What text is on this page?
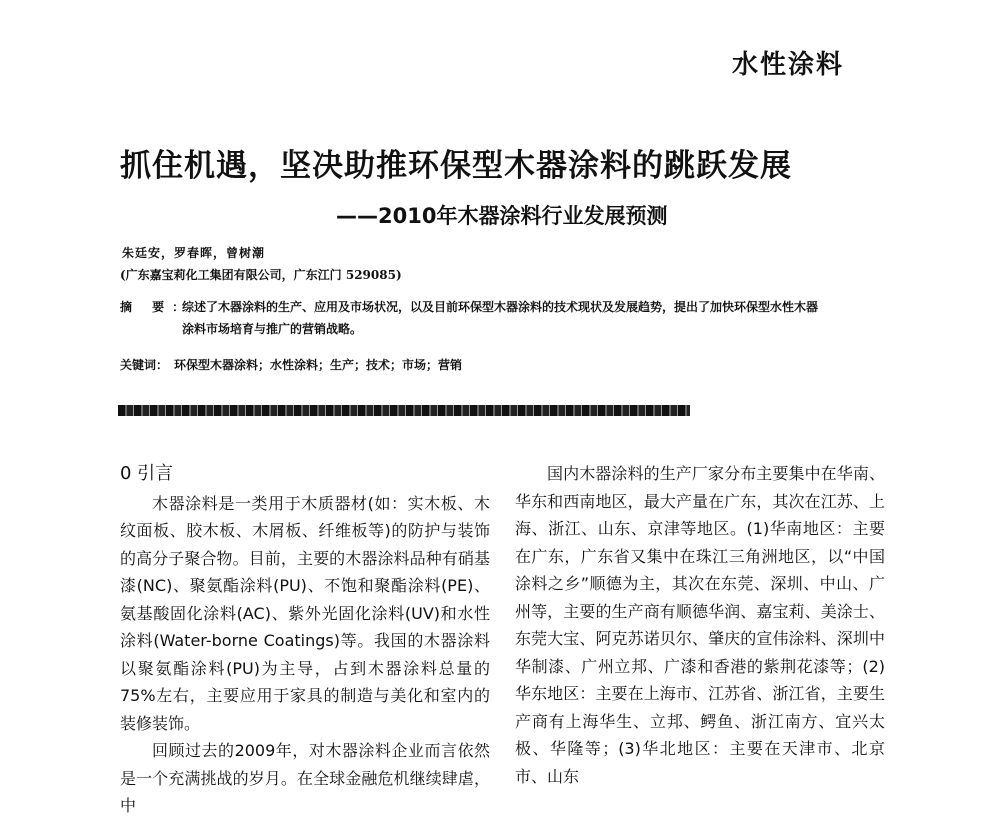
水性涂料
抓住机遇，坚决助推环保型木器涂料的跳跃发展
——2010年木器涂料行业发展预测
朱廷安，罗春晖，曾树潮
(广东嘉宝莉化工集团有限公司，广东江门 529085)
摘 要：
综述了木器涂料的生产、应用及市场状况，以及目前环保型木器涂料的技术现状及发展趋势，提出了加快环保型水性木器涂料市场培育与推广的营销战略。
关键词： 环保型木器涂料；水性涂料；生产；技术；市场；营销
0 引言

木器涂料是一类用于木质器材(如：实木板、木纹面板、胶木板、木屑板、纤维板等)的防护与装饰的高分子聚合物。目前，主要的木器涂料品种有硝基漆(NC)、聚氨酯涂料(PU)、不饱和聚酯涂料(PE)、氨基酸固化涂料(AC)、紫外光固化涂料(UV)和水性涂料(Water-borne Coatings)等。我国的木器涂料以聚氨酯涂料(PU)为主导，占到木器涂料总量的75%左右，主要应用于家具的制造与美化和室内的装修装饰。

回顾过去的2009年，对木器涂料企业而言依然是一个充满挑战的岁月。在全球金融危机继续肆虐，中

国内木器涂料的生产厂家分布主要集中在华南、华东和西南地区，最大产量在广东，其次在江苏、上海、浙江、山东、京津等地区。(1)华南地区：主要在广东，广东省又集中在珠江三角洲地区，以“中国涂料之乡”顺德为主，其次在东莞、深圳、中山、广州等，主要的生产商有顺德华润、嘉宝莉、美涂士、东莞大宝、阿克苏诺贝尔、肇庆的宣伟涂料、深圳中华制漆、广州立邦、广漆和香港的紫荆花漆等；(2)华东地区：主要在上海市、江苏省、浙江省，主要生产商有上海华生、立邦、鳄鱼、浙江南方、宜兴太极、华隆等；(3)华北地区：主要在天津市、北京市、山东
